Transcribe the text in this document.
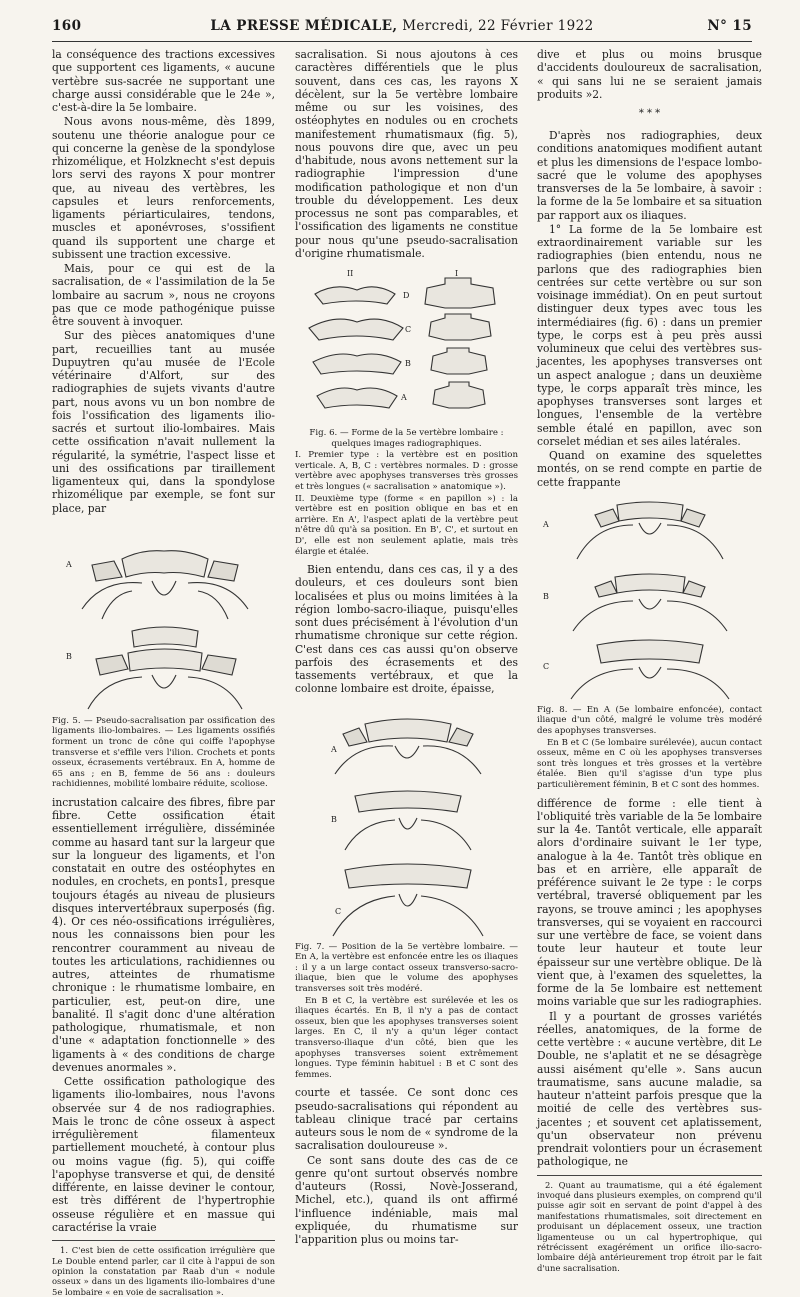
160	LA PRESSE MÉDICALE, Mercredi, 22 Février 1922	N° 15

la conséquence des tractions excessives que supportent ces ligaments, « aucune vertèbre sus-sacrée ne supportant une charge aussi considérable que le 24e », c'est-à-dire la 5e lombaire.

Nous avons nous-même, dès 1899, soutenu une théorie analogue pour ce qui concerne la genèse de la spondylose rhizomélique, et Holzknecht s'est depuis lors servi des rayons X pour montrer que, au niveau des vertèbres, les capsules et leurs renforcements, ligaments périarticulaires, tendons, muscles et aponévroses, s'ossifient quand ils supportent une charge et subissent une traction excessive.

Mais, pour ce qui est de la sacralisation, de « l'assimilation de la 5e lombaire au sacrum », nous ne croyons pas que ce mode pathogénique puisse être souvent à invoquer.

Sur des pièces anatomiques d'une part, recueillies tant au musée Dupuytren qu'au musée de l'Ecole vétérinaire d'Alfort, sur des radiographies de sujets vivants d'autre part, nous avons vu un bon nombre de fois l'ossification des ligaments ilio-sacrés et surtout ilio-lombaires. Mais cette ossification n'avait nullement la régularité, la symétrie, l'aspect lisse et uni des ossifications par tiraillement ligamenteux qui, dans la spondylose rhizomélique par exemple, se font sur place, par

A
B

Fig. 5. — Pseudo-sacralisation par ossification des ligaments ilio-lombaires. — Les ligaments ossifiés forment un tronc de cône qui coiffe l'apophyse transverse et s'effile vers l'ilion. Crochets et ponts osseux, écrasements vertébraux. En A, homme de 65 ans ; en B, femme de 56 ans : douleurs rachidiennes, mobilité lombaire réduite, scoliose.

incrustation calcaire des fibres, fibre par fibre. Cette ossification était essentiellement irrégulière, disséminée comme au hasard tant sur la largeur que sur la longueur des ligaments, et l'on constatait en outre des ostéophytes en nodules, en crochets, en ponts1, presque toujours étagés au niveau de plusieurs disques intervertébraux superposés (fig. 4). Or ces néo-ossifications irrégulières, nous les connaissons bien pour les rencontrer couramment au niveau de toutes les articulations, rachidiennes ou autres, atteintes de rhumatisme chronique : le rhumatisme lombaire, en particulier, est, peut-on dire, une banalité. Il s'agit donc d'une altération pathologique, rhumatismale, et non d'une « adaptation fonctionnelle » des ligaments à « des conditions de charge devenues anormales ».

Cette ossification pathologique des ligaments ilio-lombaires, nous l'avons observée sur 4 de nos radiographies. Mais le tronc de cône osseux à aspect irrégulièrement filamenteux partiellement moucheté, à contour plus ou moins vague (fig. 5), qui coiffe l'apophyse transverse et qui, de densité différente, en laisse deviner le contour, est très différent de l'hypertrophie osseuse régulière et en massue qui caractérise la vraie

1. C'est bien de cette ossification irrégulière que Le Double entend parler, car il cite à l'appui de son opinion la constatation par Raab d'un « nodule osseux » dans un des ligaments ilio-lombaires d'une 5e lombaire « en voie de sacralisation ».

sacralisation. Si nous ajoutons à ces caractères différentiels que le plus souvent, dans ces cas, les rayons X décèlent, sur la 5e vertèbre lombaire même ou sur les voisines, des ostéophytes en nodules ou en crochets manifestement rhumatismaux (fig. 5), nous pouvons dire que, avec un peu d'habitude, nous avons nettement sur la radiographie l'impression d'une modification pathologique et non d'un trouble du développement. Les deux processus ne sont pas comparables, et l'ossification des ligaments ne constitue pour nous qu'une pseudo-sacralisation d'origine rhumatismale.

II	I
D
C
B
A

Fig. 6. — Forme de la 5e vertèbre lombaire : quelques images radiographiques.

I. Premier type : la vertèbre est en position verticale. A, B, C : vertèbres normales. D : grosse vertèbre avec apophyses transverses très grosses et très longues (« sacralisation » anatomique »).

II. Deuxième type (forme « en papillon ») : la vertèbre est en position oblique en bas et en arrière. En A', l'aspect aplati de la vertèbre peut n'être dû qu'à sa position. En B', C', et surtout en D', elle est non seulement aplatie, mais très élargie et étalée.

Bien entendu, dans ces cas, il y a des douleurs, et ces douleurs sont bien localisées et plus ou moins limitées à la région lombo-sacro-iliaque, puisqu'elles sont dues précisément à l'évolution d'un rhumatisme chronique sur cette région. C'est dans ces cas aussi qu'on observe parfois des écrasements et des tassements vertébraux, et que la colonne lombaire est droite, épaisse,

A
B
C

Fig. 7. — Position de la 5e vertèbre lombaire. — En A, la vertèbre est enfoncée entre les os iliaques : il y a un large contact osseux transverso-sacro-iliaque, bien que le volume des apophyses transverses soit très modéré.

En B et C, la vertèbre est surélevée et les os iliaques écartés. En B, il n'y a pas de contact osseux, bien que les apophyses transverses soient larges. En C, il n'y a qu'un léger contact transverso-iliaque d'un côté, bien que les apophyses transverses soient extrêmement longues. Type féminin habituel : B et C sont des femmes.

courte et tassée. Ce sont donc ces pseudo-sacralisations qui répondent au tableau clinique tracé par certains auteurs sous le nom de « syndrome de la sacralisation douloureuse ».

Ce sont sans doute des cas de ce genre qu'ont surtout observés nombre d'auteurs (Rossi, Novè-Josserand, Michel, etc.), quand ils ont affirmé l'influence indéniable, mais mal expliquée, du rhumatisme sur l'apparition plus ou moins tar-

dive et plus ou moins brusque d'accidents douloureux de sacralisation, « qui sans lui ne se seraient jamais produits »2.

* * *

D'après nos radiographies, deux conditions anatomiques modifient autant et plus les dimensions de l'espace lombo-sacré que le volume des apophyses transverses de la 5e lombaire, à savoir : la forme de la 5e lombaire et sa situation par rapport aux os iliaques.

1° La forme de la 5e lombaire est extraordinairement variable sur les radiographies (bien entendu, nous ne parlons que des radiographies bien centrées sur cette vertèbre ou sur son voisinage immédiat). On en peut surtout distinguer deux types avec tous les intermédiaires (fig. 6) : dans un premier type, le corps est à peu près aussi volumineux que celui des vertèbres sus-jacentes, les apophyses transverses ont un aspect analogue ; dans un deuxième type, le corps apparaît très mince, les apophyses transverses sont larges et longues, l'ensemble de la vertèbre semble étalé en papillon, avec son corselet médian et ses ailes latérales.

Quand on examine des squelettes montés, on se rend compte en partie de cette frappante

A
B
C

Fig. 8. — En A (5e lombaire enfoncée), contact iliaque d'un côté, malgré le volume très modéré des apophyses transverses.

En B et C (5e lombaire surélevée), aucun contact osseux, même en C où les apophyses transverses sont très longues et très grosses et la vertèbre étalée. Bien qu'il s'agisse d'un type plus particulièrement féminin, B et C sont des hommes.

différence de forme : elle tient à l'obliquité très variable de la 5e lombaire sur la 4e. Tantôt verticale, elle apparaît alors d'ordinaire suivant le 1er type, analogue à la 4e. Tantôt très oblique en bas et en arrière, elle apparaît de préférence suivant le 2e type : le corps vertébral, traversé obliquement par les rayons, se trouve aminci ; les apophyses transverses, qui se voyaient en raccourci sur une vertèbre de face, se voient dans toute leur hauteur et toute leur épaisseur sur une vertèbre oblique. De là vient que, à l'examen des squelettes, la forme de la 5e lombaire est nettement moins variable que sur les radiographies.

Il y a pourtant de grosses variétés réelles, anatomiques, de la forme de cette vertèbre : « aucune vertèbre, dit Le Double, ne s'aplatit et ne se désagrège aussi aisément qu'elle ». Sans aucun traumatisme, sans aucune maladie, sa hauteur n'atteint parfois presque que la moitié de celle des vertèbres sus-jacentes ; et souvent cet aplatissement, qu'un observateur non prévenu prendrait volontiers pour un écrasement pathologique, ne

2. Quant au traumatisme, qui a été également invoqué dans plusieurs exemples, on comprend qu'il puisse agir soit en servant de point d'appel à des manifestations rhumatismales, soit directement en produisant un déplacement osseux, une traction ligamenteuse ou un cal hypertrophique, qui rétrécissent exagérément un orifice ilio-sacro-lombaire déjà antérieurement trop étroit par le fait d'une sacralisation.
